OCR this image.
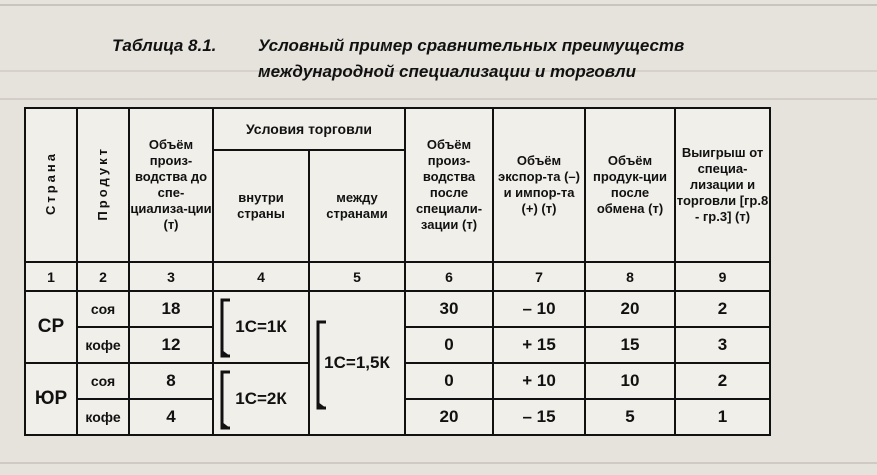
Таблица 8.1. Условный пример сравнительных преимуществ
международной специализации и торговли
Страна	Продукт	Объём произ-водства до спе-циализа-ции (т)	Условия торговли		Объём произ-водства после специали-зации (т)	Объём экспор-та (–) и импор-та (+) (т)	Объём продук-ции после обмена (т)	Выигрыш от специа-лизации и торговли [гр.8 - гр.3] (т)
			внутри страны	между странами				
1	2	3	4	5	6	7	8	9
СР	соя	18	1С=1К	1С=1,5К	30	– 10	20	2
	кофе	12			0	+ 15	15	3
ЮР	соя	8	1С=2К		0	+ 10	10	2
	кофе	4			20	– 15	5	1
